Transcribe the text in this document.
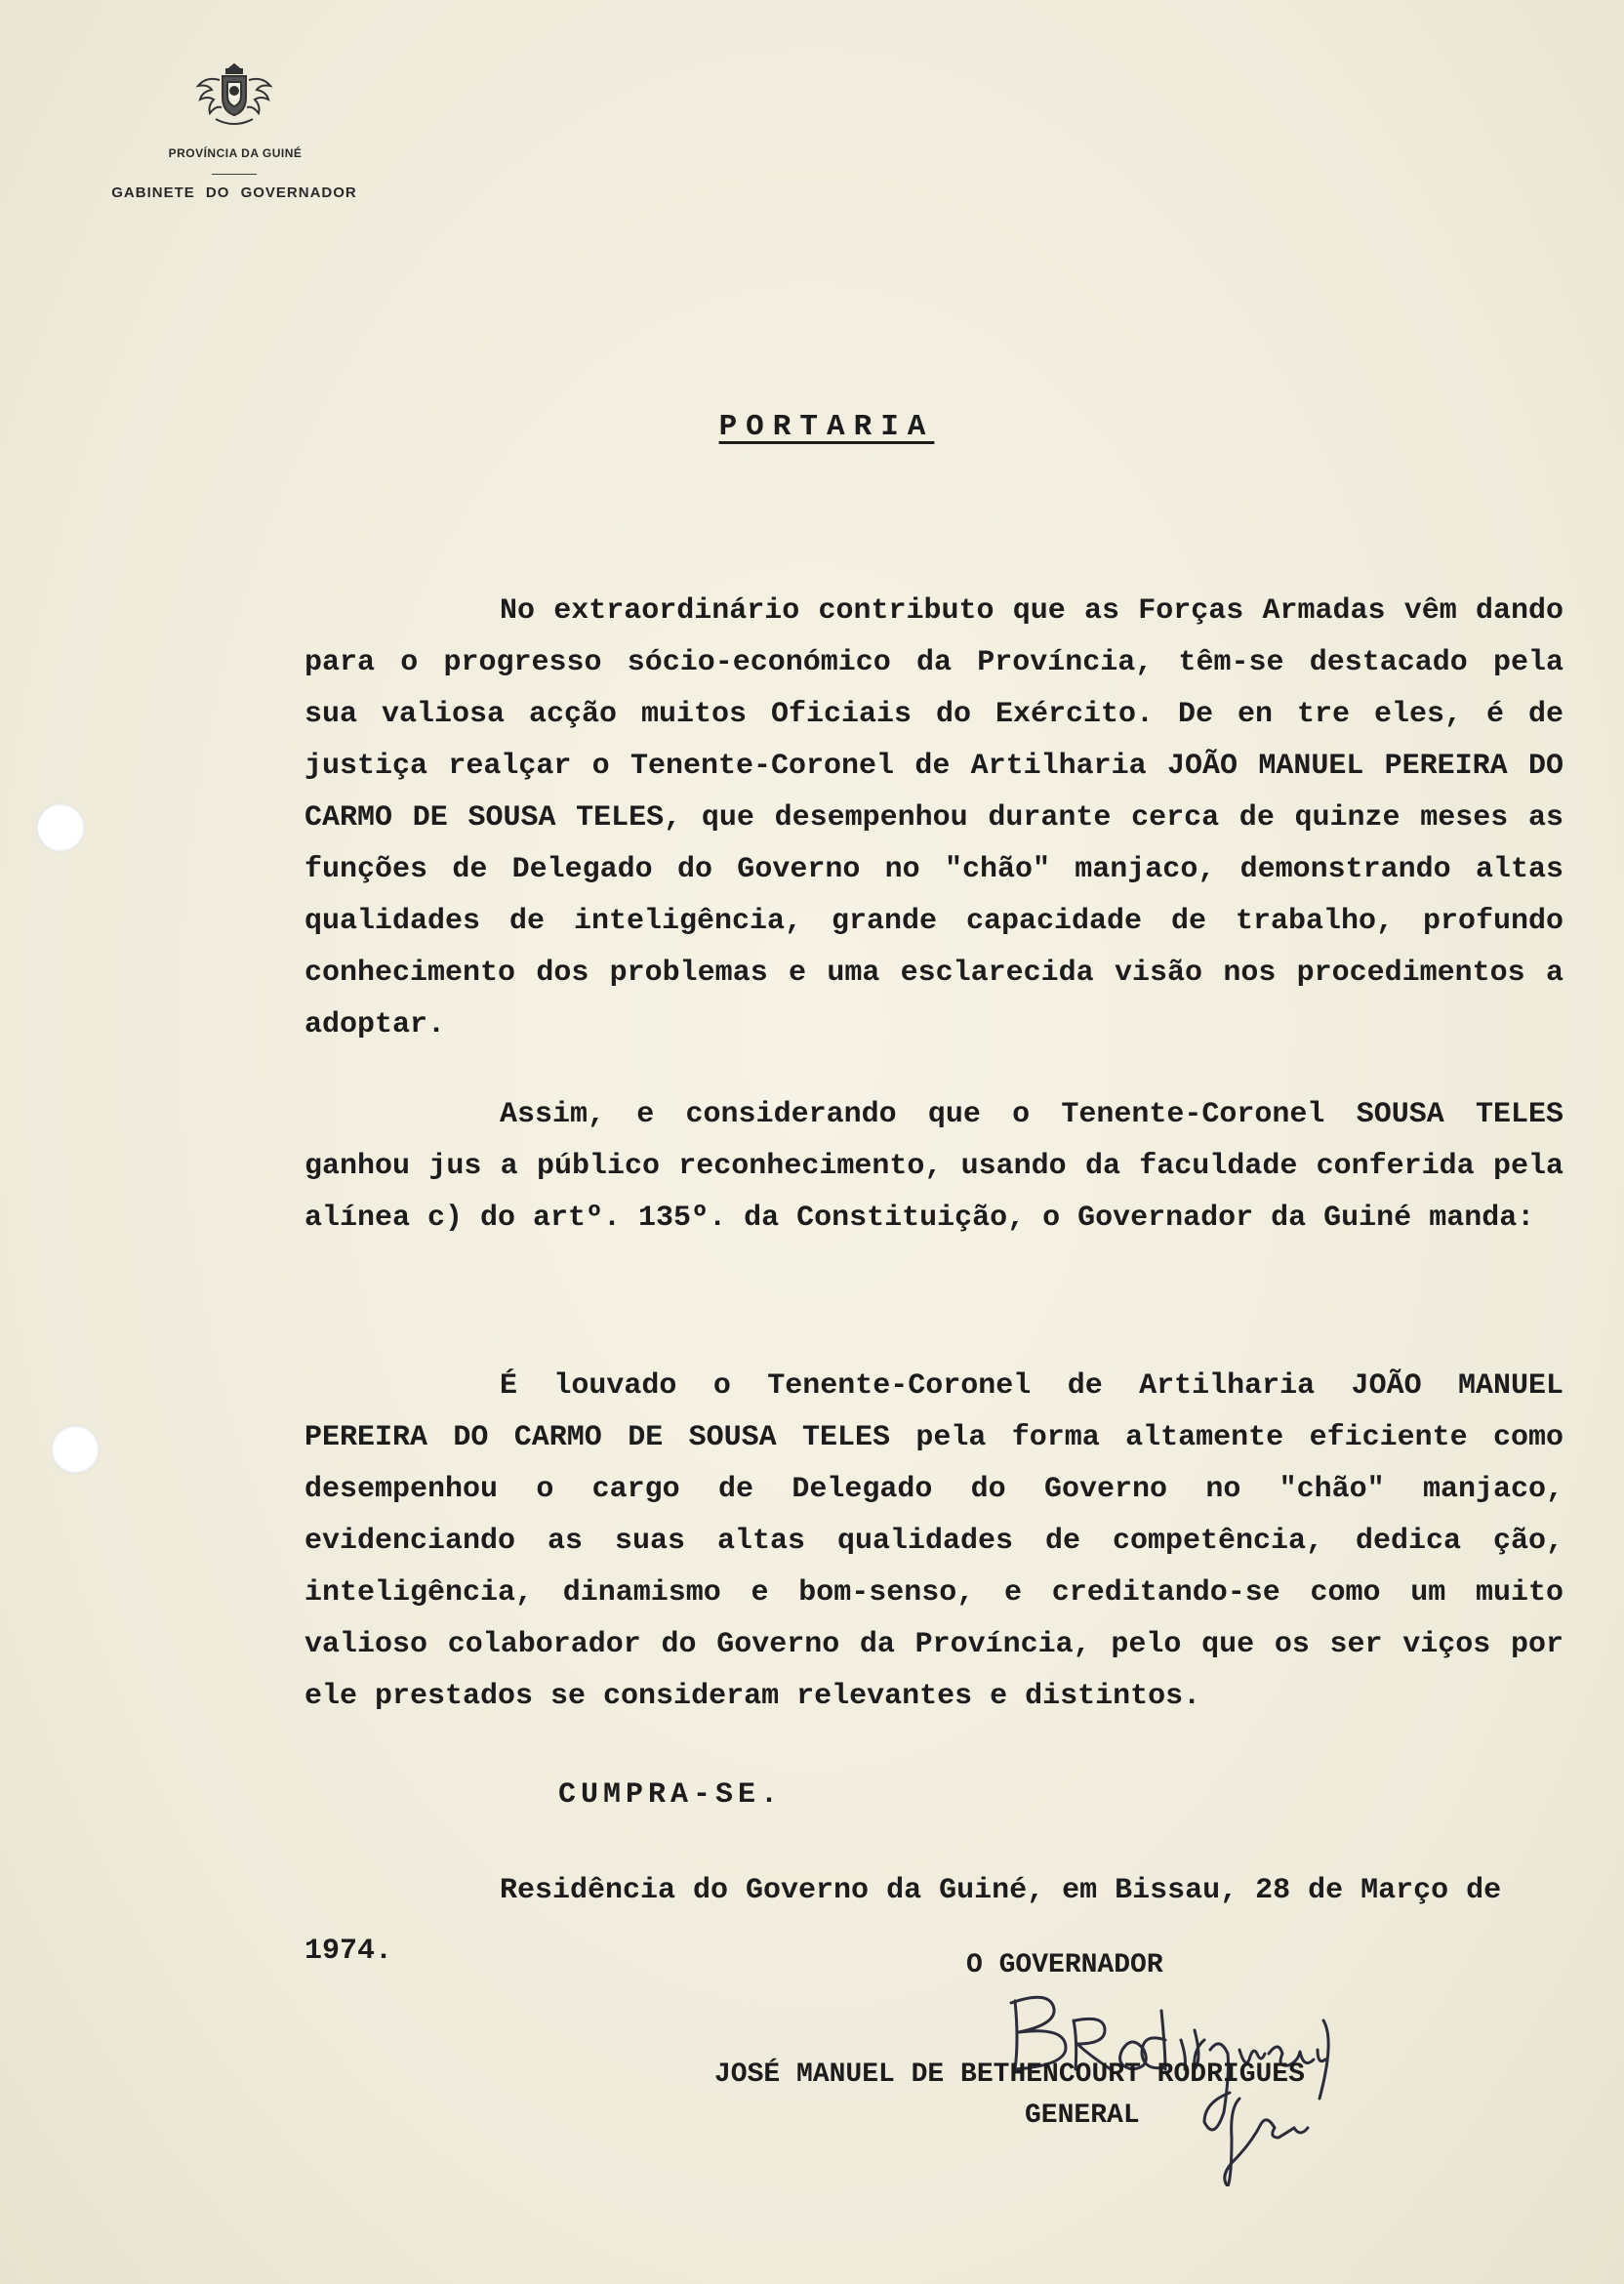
PROVÍNCIA DA GUINÉ
GABINETE DO GOVERNADOR
PORTARIA

No extraordinário contributo que as Forças Armadas vêm dando para o progresso sócio-económico da Província, têm-se destacado pela sua valiosa acção muitos Oficiais do Exército. De en tre eles, é de justiça realçar o Tenente-Coronel de Artilharia JOÃO MANUEL PEREIRA DO CARMO DE SOUSA TELES, que desempenhou durante cerca de quinze meses as funções de Delegado do Governo no "chão" manjaco, demonstrando altas qualidades de inteligência, grande capacidade de trabalho, profundo conhecimento dos problemas e uma esclarecida visão nos procedimentos a adoptar.

Assim, e considerando que o Tenente-Coronel SOUSA TELES ganhou jus a público reconhecimento, usando da faculdade conferida pela alínea c) do artº. 135º. da Constituição, o Governador da Guiné manda:

É louvado o Tenente-Coronel de Artilharia JOÃO MANUEL PEREIRA DO CARMO DE SOUSA TELES pela forma altamente eficiente como desempenhou o cargo de Delegado do Governo no "chão" manjaco, evidenciando as suas altas qualidades de competência, dedica ção, inteligência, dinamismo e bom-senso, e creditando-se como um muito valioso colaborador do Governo da Província, pelo que os ser viços por ele prestados se consideram relevantes e distintos.

CUMPRA-SE.

Residência do Governo da Guiné, em Bissau, 28 de Março de 1974.	O GOVERNADOR
JOSÉ MANUEL DE BETHENCOURT RODRIGUES
GENERAL
